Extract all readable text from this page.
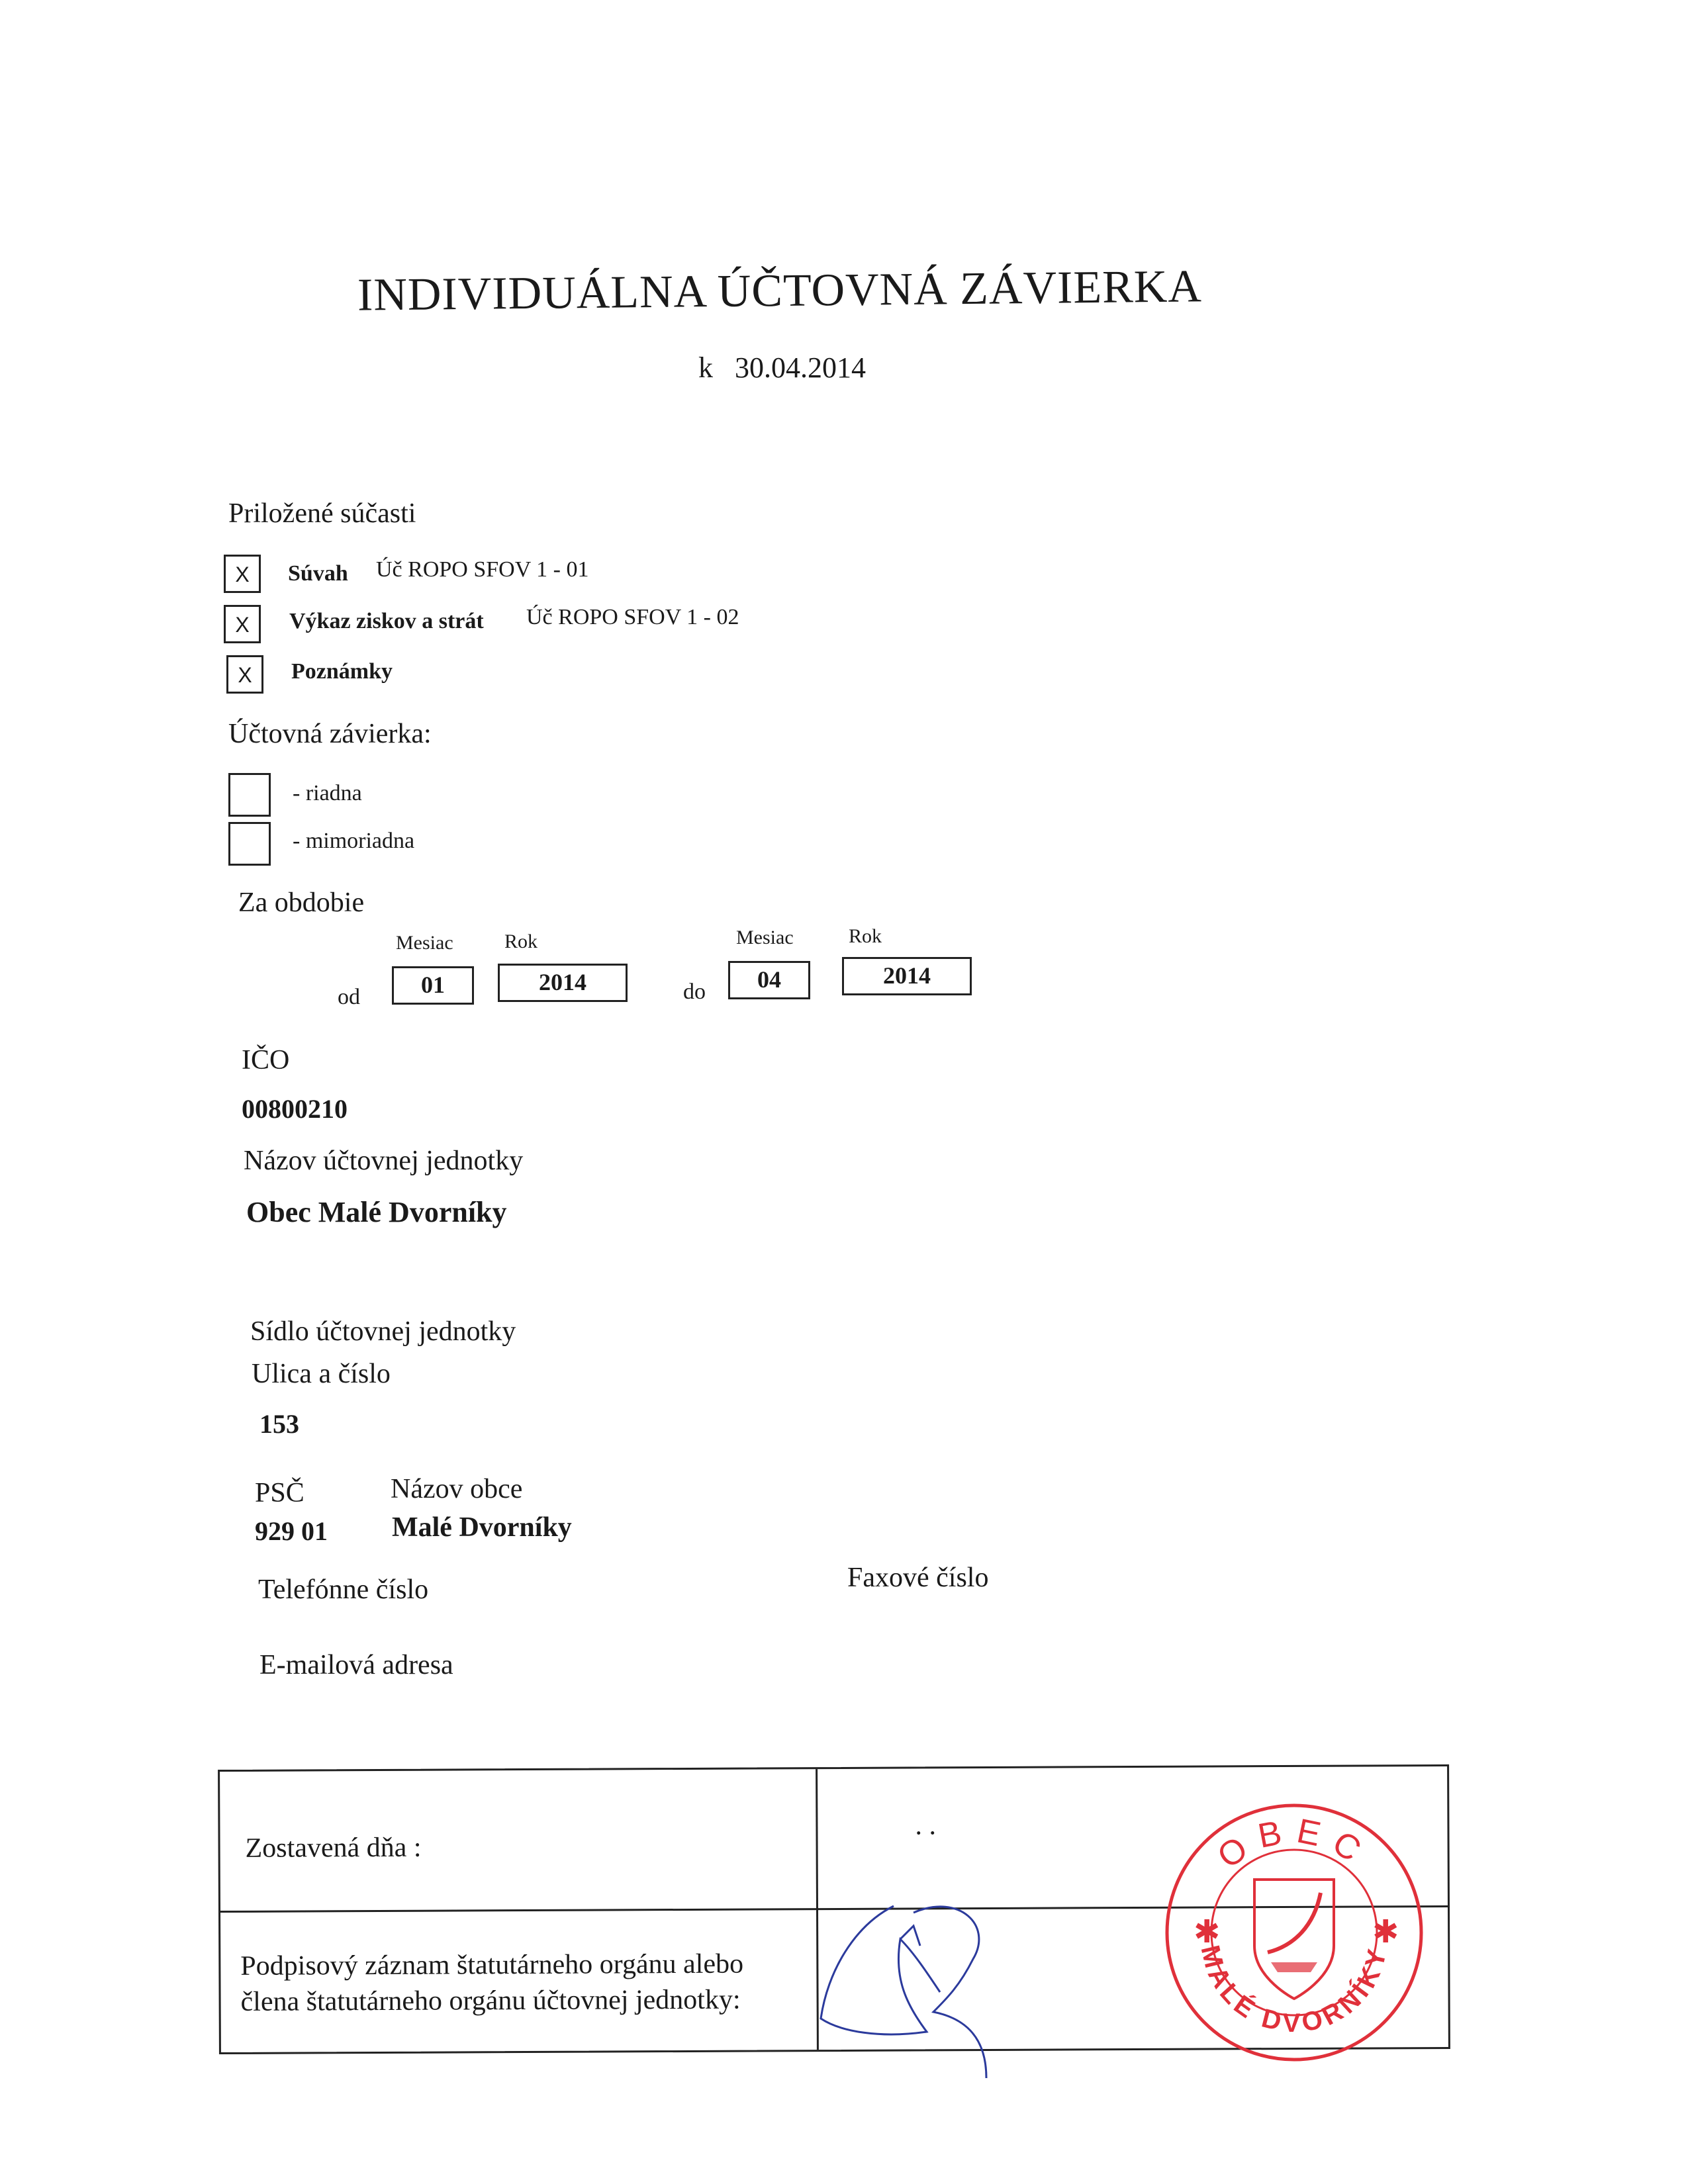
INDIVIDUÁLNA ÚČTOVNÁ ZÁVIERKA
k 30.04.2014
Priložené súčasti
X	Súvah Úč ROPO SFOV 1 - 01
X	Výkaz ziskov a strát Úč ROPO SFOV 1 - 02
X	Poznámky
Účtovná závierka:
- riadna
- mimoriadna
Za obdobie
Mesiac	Rok	Mesiac	Rok
od	01	2014	do	04	2014
IČO
00800210
Názov účtovnej jednotky
Obec Malé Dvorníky
Sídlo účtovnej jednotky
Ulica a číslo
153
PSČ	Názov obce
929 01 Malé Dvorníky
Telefónne číslo	Faxové číslo
E-mailová adresa
Zostavená dňa :
. .
Podpisový záznam štatutárneho orgánu alebo
člena štatutárneho orgánu účtovnej jednotky:
OBEC
MALÉ DVORNÍKY
✱	✱
